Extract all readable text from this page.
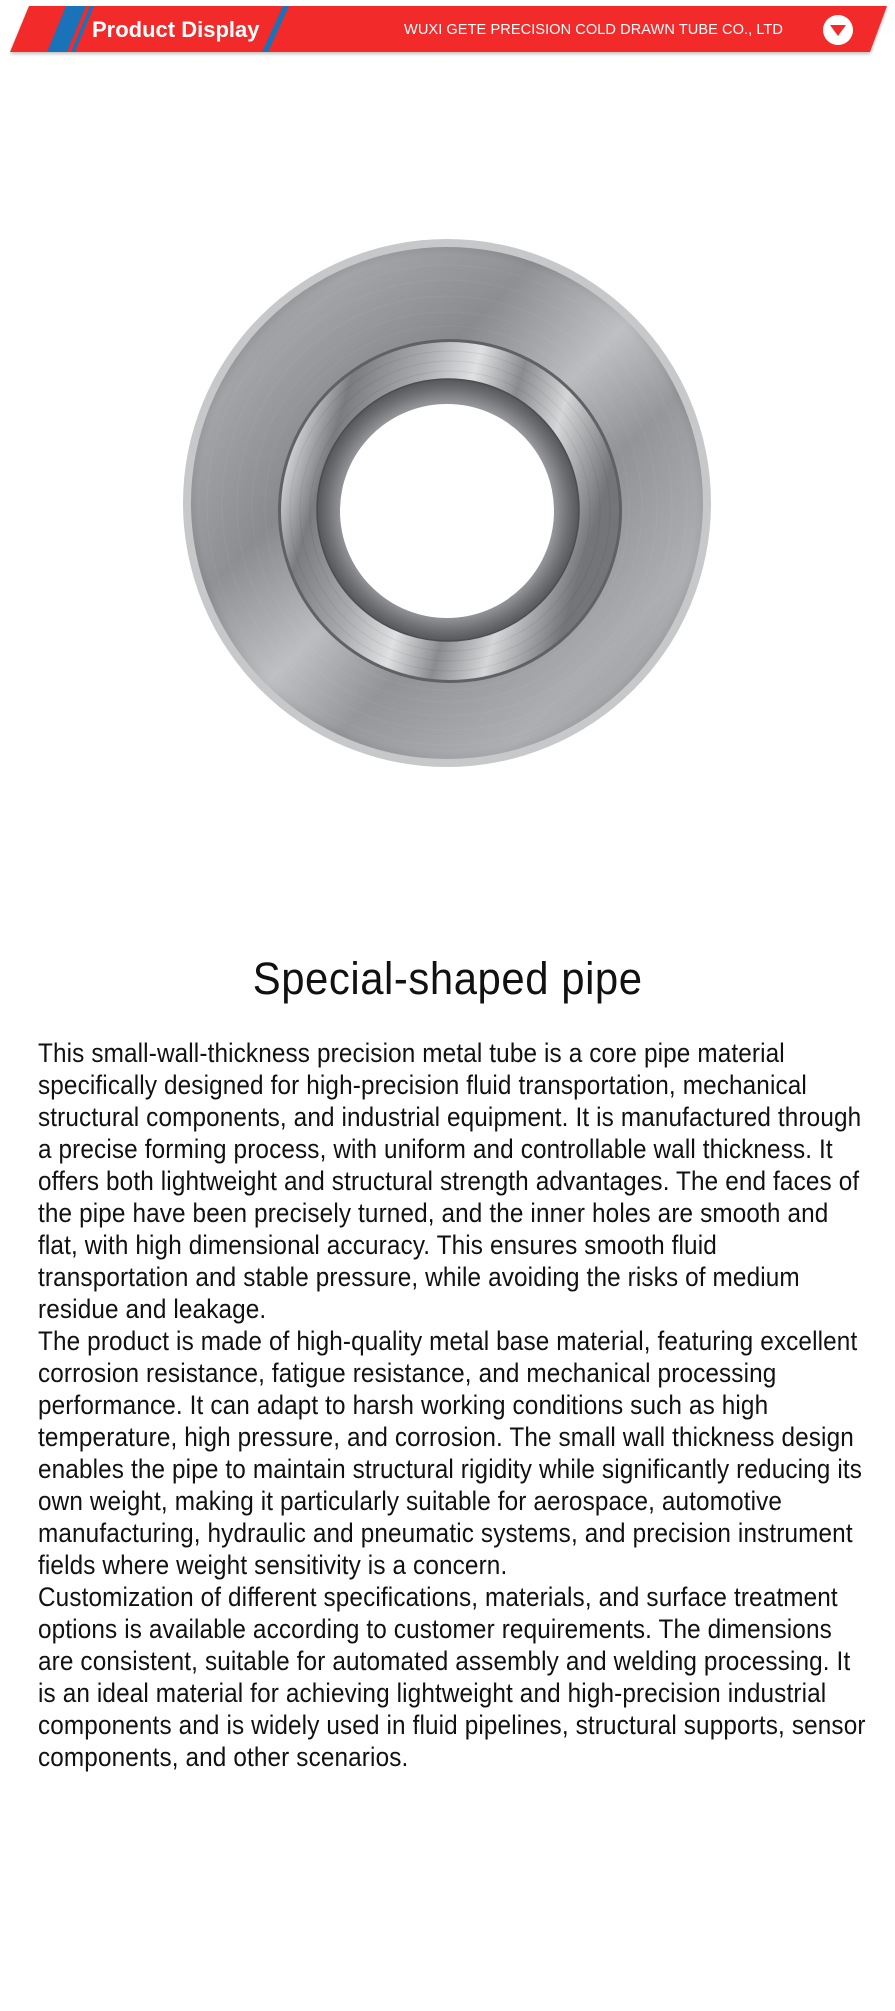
Product Display	WUXI GETE PRECISION COLD DRAWN TUBE CO., LTD
Special-shaped pipe

This small-wall-thickness precision metal tube is a core pipe material specifically designed for high-precision fluid transportation, mechanical structural components, and industrial equipment. It is manufactured through a precise forming process, with uniform and controllable wall thickness. It offers both lightweight and structural strength advantages. The end faces of the pipe have been precisely turned, and the inner holes are smooth and flat, with high dimensional accuracy. This ensures smooth fluid transportation and stable pressure, while avoiding the risks of medium residue and leakage.

The product is made of high-quality metal base material, featuring excellent corrosion resistance, fatigue resistance, and mechanical processing performance. It can adapt to harsh working conditions such as high temperature, high pressure, and corrosion. The small wall thickness design enables the pipe to maintain structural rigidity while significantly reducing its own weight, making it particularly suitable for aerospace, automotive manufacturing, hydraulic and pneumatic systems, and precision instrument fields where weight sensitivity is a concern.

Customization of different specifications, materials, and surface treatment options is available according to customer requirements. The dimensions are consistent, suitable for automated assembly and welding processing. It is an ideal material for achieving lightweight and high-precision industrial components and is widely used in fluid pipelines, structural supports, sensor components, and other scenarios.
